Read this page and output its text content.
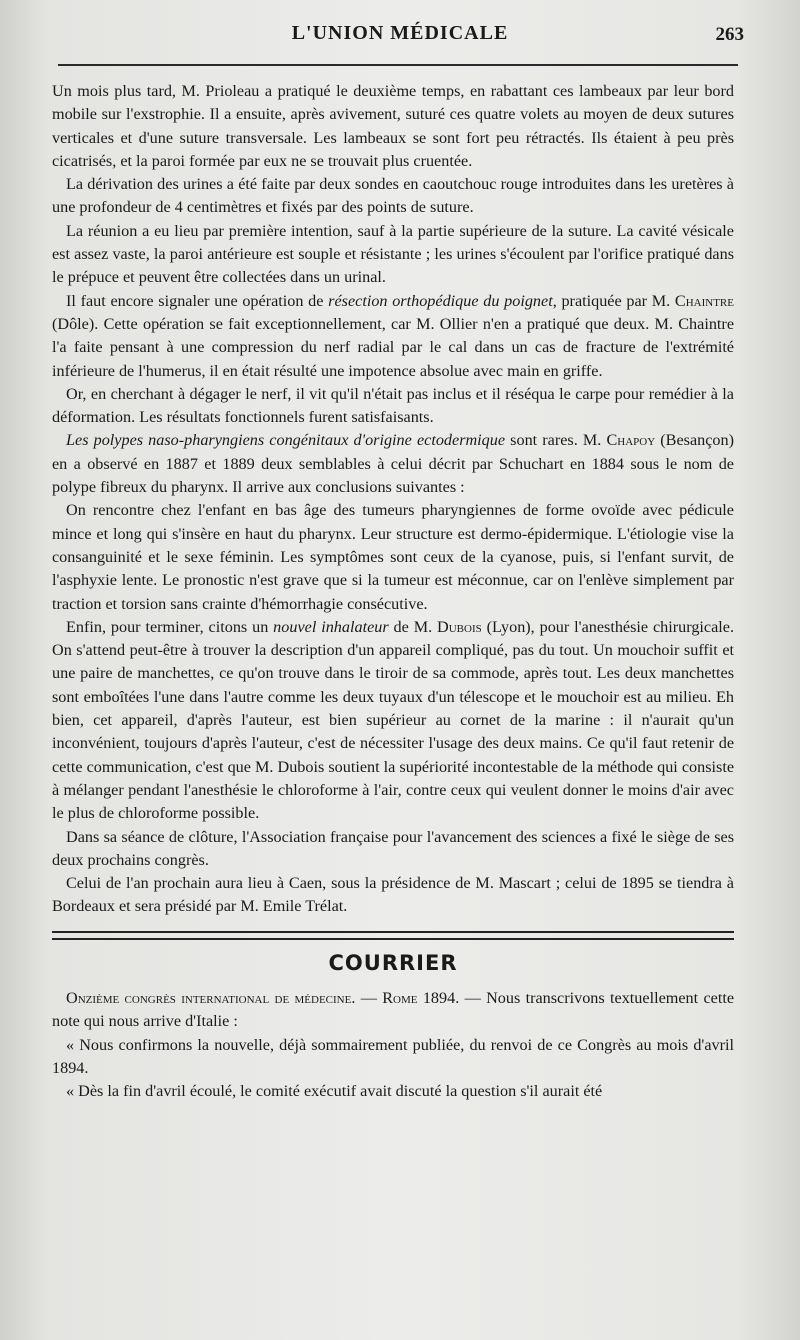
L'UNION MÉDICALE	263

Un mois plus tard, M. Prioleau a pratiqué le deuxième temps, en rabattant ces lambeaux par leur bord mobile sur l'exstrophie. Il a ensuite, après avivement, suturé ces quatre volets au moyen de deux sutures verticales et d'une suture transversale. Les lambeaux se sont fort peu rétractés. Ils étaient à peu près cicatrisés, et la paroi formée par eux ne se trouvait plus cruentée.

La dérivation des urines a été faite par deux sondes en caoutchouc rouge introduites dans les uretères à une profondeur de 4 centimètres et fixés par des points de suture.

La réunion a eu lieu par première intention, sauf à la partie supérieure de la suture. La cavité vésicale est assez vaste, la paroi antérieure est souple et résistante ; les urines s'écoulent par l'orifice pratiqué dans le prépuce et peuvent être collectées dans un urinal.

Il faut encore signaler une opération de résection orthopédique du poignet, pratiquée par M. Chaintre (Dôle). Cette opération se fait exceptionnellement, car M. Ollier n'en a pratiqué que deux. M. Chaintre l'a faite pensant à une compression du nerf radial par le cal dans un cas de fracture de l'extrémité inférieure de l'humerus, il en était résulté une impotence absolue avec main en griffe.

Or, en cherchant à dégager le nerf, il vit qu'il n'était pas inclus et il réséqua le carpe pour remédier à la déformation. Les résultats fonctionnels furent satisfaisants.

Les polypes naso-pharyngiens congénitaux d'origine ectodermique sont rares. M. Chapoy (Besançon) en a observé en 1887 et 1889 deux semblables à celui décrit par Schuchart en 1884 sous le nom de polype fibreux du pharynx. Il arrive aux conclusions suivantes :

On rencontre chez l'enfant en bas âge des tumeurs pharyngiennes de forme ovoïde avec pédicule mince et long qui s'insère en haut du pharynx. Leur structure est dermo-épidermique. L'étiologie vise la consanguinité et le sexe féminin. Les symptômes sont ceux de la cyanose, puis, si l'enfant survit, de l'asphyxie lente. Le pronostic n'est grave que si la tumeur est méconnue, car on l'enlève simplement par traction et torsion sans crainte d'hémorrhagie consécutive.

Enfin, pour terminer, citons un nouvel inhalateur de M. Dubois (Lyon), pour l'anesthésie chirurgicale. On s'attend peut-être à trouver la description d'un appareil compliqué, pas du tout. Un mouchoir suffit et une paire de manchettes, ce qu'on trouve dans le tiroir de sa commode, après tout. Les deux manchettes sont emboîtées l'une dans l'autre comme les deux tuyaux d'un télescope et le mouchoir est au milieu. Eh bien, cet appareil, d'après l'auteur, est bien supérieur au cornet de la marine : il n'aurait qu'un inconvénient, toujours d'après l'auteur, c'est de nécessiter l'usage des deux mains. Ce qu'il faut retenir de cette communication, c'est que M. Dubois soutient la supériorité incontestable de la méthode qui consiste à mélanger pendant l'anesthésie le chloroforme à l'air, contre ceux qui veulent donner le moins d'air avec le plus de chloroforme possible.

Dans sa séance de clôture, l'Association française pour l'avancement des sciences a fixé le siège de ses deux prochains congrès.

Celui de l'an prochain aura lieu à Caen, sous la présidence de M. Mascart ; celui de 1895 se tiendra à Bordeaux et sera présidé par M. Emile Trélat.

COURRIER

Onzième congrès international de médecine. — Rome 1894. — Nous transcrivons textuellement cette note qui nous arrive d'Italie :

« Nous confirmons la nouvelle, déjà sommairement publiée, du renvoi de ce Congrès au mois d'avril 1894.

« Dès la fin d'avril écoulé, le comité exécutif avait discuté la question s'il aurait été
